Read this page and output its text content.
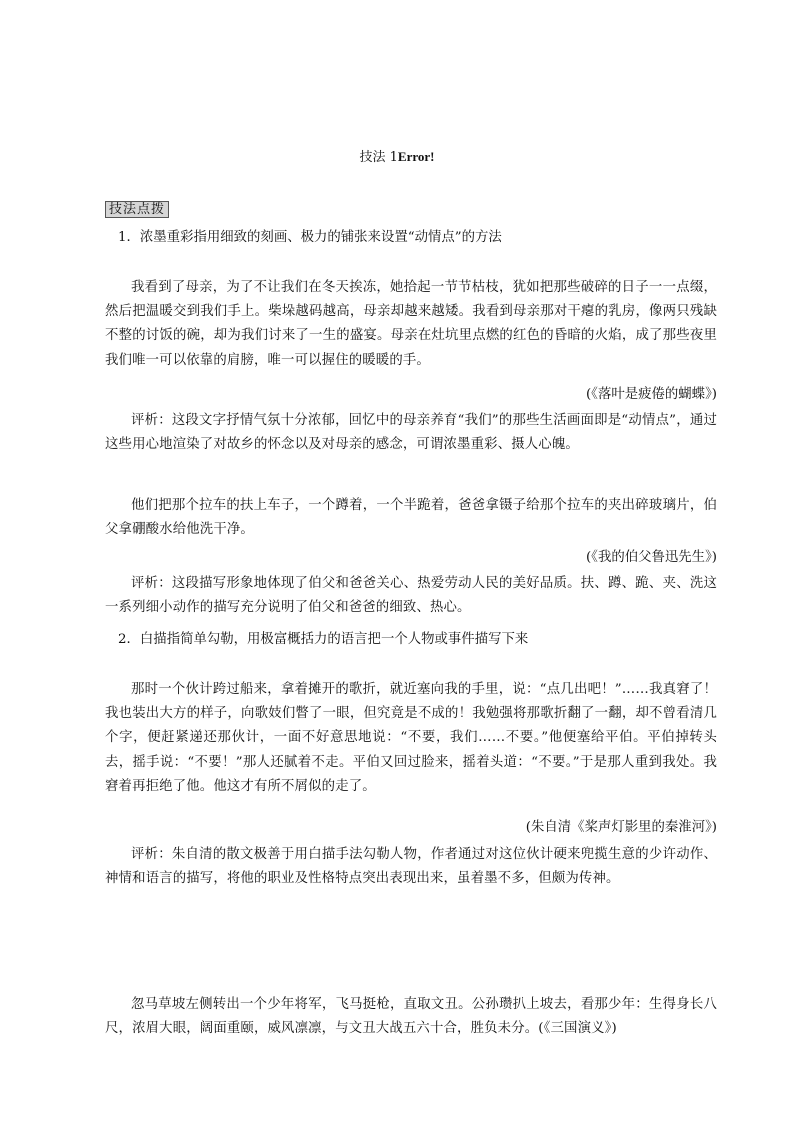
技法 1Error!
技法点拨

1．浓墨重彩指用细致的刻画、极力的铺张来设置“动情点”的方法

我看到了母亲，为了不让我们在冬天挨冻，她拾起一节节枯枝，犹如把那些破碎的日子一一点缀，然后把温暖交到我们手上。柴垛越码越高，母亲却越来越矮。我看到母亲那对干瘪的乳房，像两只残缺不整的讨饭的碗，却为我们讨来了一生的盛宴。母亲在灶坑里点燃的红色的昏暗的火焰，成了那些夜里我们唯一可以依靠的肩膀，唯一可以握住的暖暖的手。

(《落叶是疲倦的蝴蝶》)

评析：这段文字抒情气氛十分浓郁，回忆中的母亲养育“我们”的那些生活画面即是“动情点”，通过这些用心地渲染了对故乡的怀念以及对母亲的感念，可谓浓墨重彩、摄人心魄。

他们把那个拉车的扶上车子，一个蹲着，一个半跪着，爸爸拿镊子给那个拉车的夹出碎玻璃片，伯父拿硼酸水给他洗干净。

(《我的伯父鲁迅先生》)

评析：这段描写形象地体现了伯父和爸爸关心、热爱劳动人民的美好品质。扶、蹲、跪、夹、洗这一系列细小动作的描写充分说明了伯父和爸爸的细致、热心。

2．白描指简单勾勒，用极富概括力的语言把一个人物或事件描写下来

那时一个伙计跨过船来，拿着摊开的歌折，就近塞向我的手里，说：“点几出吧！”……我真窘了！我也装出大方的样子，向歌妓们瞥了一眼，但究竟是不成的！我勉强将那歌折翻了一翻，却不曾看清几个字，便赶紧递还那伙计，一面不好意思地说：“不要，我们……不要。”他便塞给平伯。平伯掉转头去，摇手说：“不要！”那人还腻着不走。平伯又回过脸来，摇着头道：“不要。”于是那人重到我处。我窘着再拒绝了他。他这才有所不屑似的走了。

(朱自清《桨声灯影里的秦淮河》)

评析：朱自清的散文极善于用白描手法勾勒人物，作者通过对这位伙计硬来兜揽生意的少许动作、神情和语言的描写，将他的职业及性格特点突出表现出来，虽着墨不多，但颇为传神。

忽马草坡左侧转出一个少年将军，飞马挺枪，直取文丑。公孙瓒扒上坡去，看那少年：生得身长八尺，浓眉大眼，阔面重颐，威风凛凛，与文丑大战五六十合，胜负未分。(《三国演义》)
